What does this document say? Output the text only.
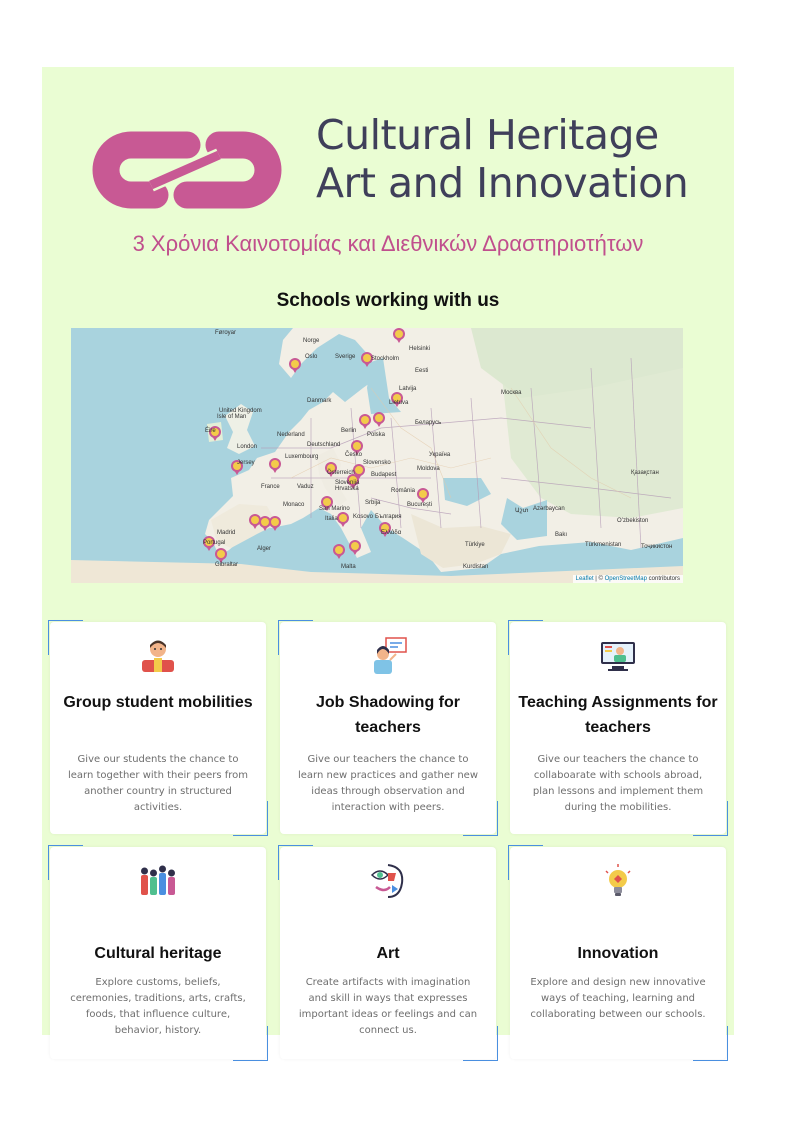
Cultural Heritage
Art and Innovation
3 Χρόνια Καινοτομίας και Διεθνικών Δραστηριοτήτων
Schools working with us
Føroyar
Norge
Helsinki
Oslo	Sverige	Stockholm
Eesti
Latvija
Danmark	Lietuva
Москва
United Kingdom
Isle of Man
Éire
Беларусь
Nederland
Berlin
Polska
London	Deutschland
Jersey
Luxembourg	Česko	Україна
France	Vaduz
Slovensko
Moldova
Österreich	Budapest
Slovenija
Hrvatska	România
Қазақстан
Monaco
San Marino
Srbija	București
Italia	Kosovo България
Աշտ Azərbaycan
Portugal
Madrid
Alger
Ελλάδα
Türkiye
Bakı
Türkmenistan
Gibraltar	Malta	Kurdistan
Oʻzbekiston
Тоҷикистон
Leaflet | © OpenStreetMap contributors
Group student mobilities
Give our students the chance to learn together with their peers from another country in structured activities.
Job Shadowing for teachers
Give our teachers the chance to learn new practices and gather new ideas through observation and interaction with peers.
Teaching Assignments for teachers
Give our teachers the chance to collaboarate with schools abroad, plan lessons and implement them during the mobilities.
Cultural heritage
Explore customs, beliefs, ceremonies, traditions, arts, crafts, foods, that influence culture, behavior, history.
Art
Create artifacts with imagination and skill in ways that expresses important ideas or feelings and can connect us.
Innovation
Explore and design new innovative ways of teaching, learning and collaborating between our schools.
